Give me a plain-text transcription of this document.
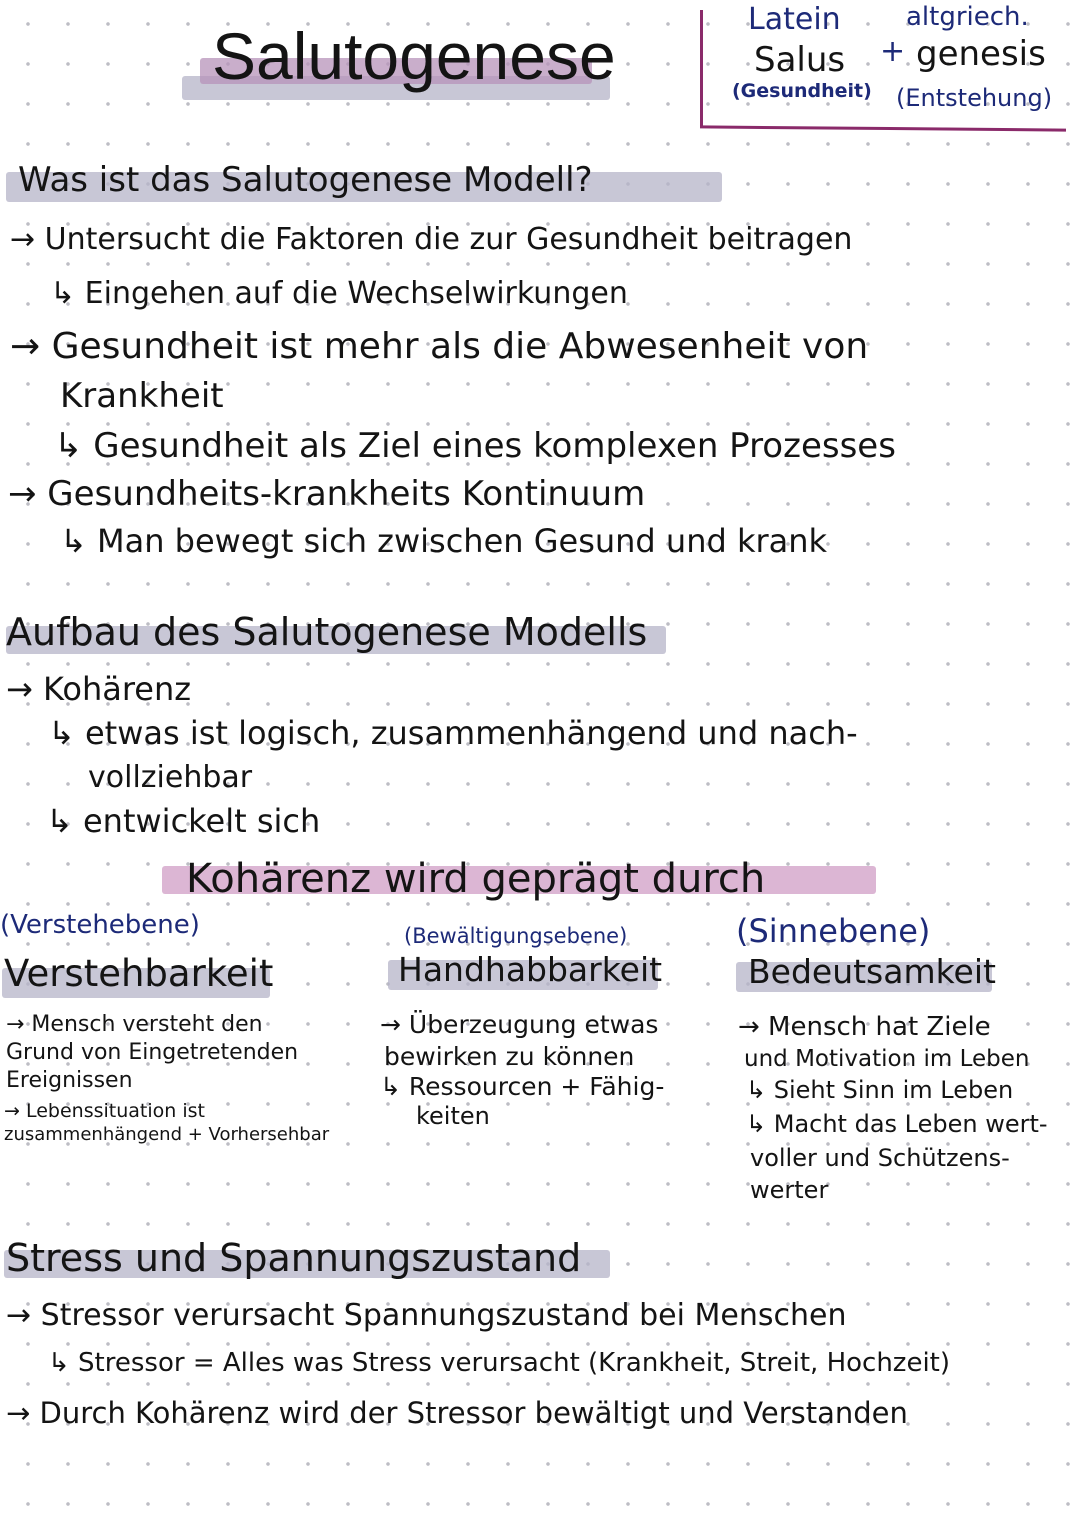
Salutogenese	Latein
Salus
(Gesundheit)
+
altgriech.
genesis
(Entstehung)
Was ist das Salutogenese Modell?
→ Untersucht die Faktoren die zur Gesundheit beitragen
↳ Eingehen auf die Wechselwirkungen
→ Gesundheit ist mehr als die Abwesenheit von
Krankheit
↳ Gesundheit als Ziel eines komplexen Prozesses
→ Gesundheits-krankheits Kontinuum
↳ Man bewegt sich zwischen Gesund und krank
Aufbau des Salutogenese Modells
→ Kohärenz
↳ etwas ist logisch, zusammenhängend und nach-
vollziehbar
↳ entwickelt sich
Kohärenz wird geprägt durch
(Verstehebene)
Verstehbarkeit
→ Mensch versteht den
Grund von Eingetretenden
Ereignissen
→ Lebenssituation ist
zusammenhängend + Vorhersehbar
(Bewältigungsebene)
Handhabbarkeit
→ Überzeugung etwas
bewirken zu können
↳ Ressourcen + Fähig-
keiten
(Sinnebene)
Bedeutsamkeit
→ Mensch hat Ziele
und Motivation im Leben
↳ Sieht Sinn im Leben
↳ Macht das Leben wert-
voller und Schützens-
werter
Stress und Spannungszustand
→ Stressor verursacht Spannungszustand bei Menschen
↳ Stressor = Alles was Stress verursacht (Krankheit, Streit, Hochzeit)
→ Durch Kohärenz wird der Stressor bewältigt und Verstanden
